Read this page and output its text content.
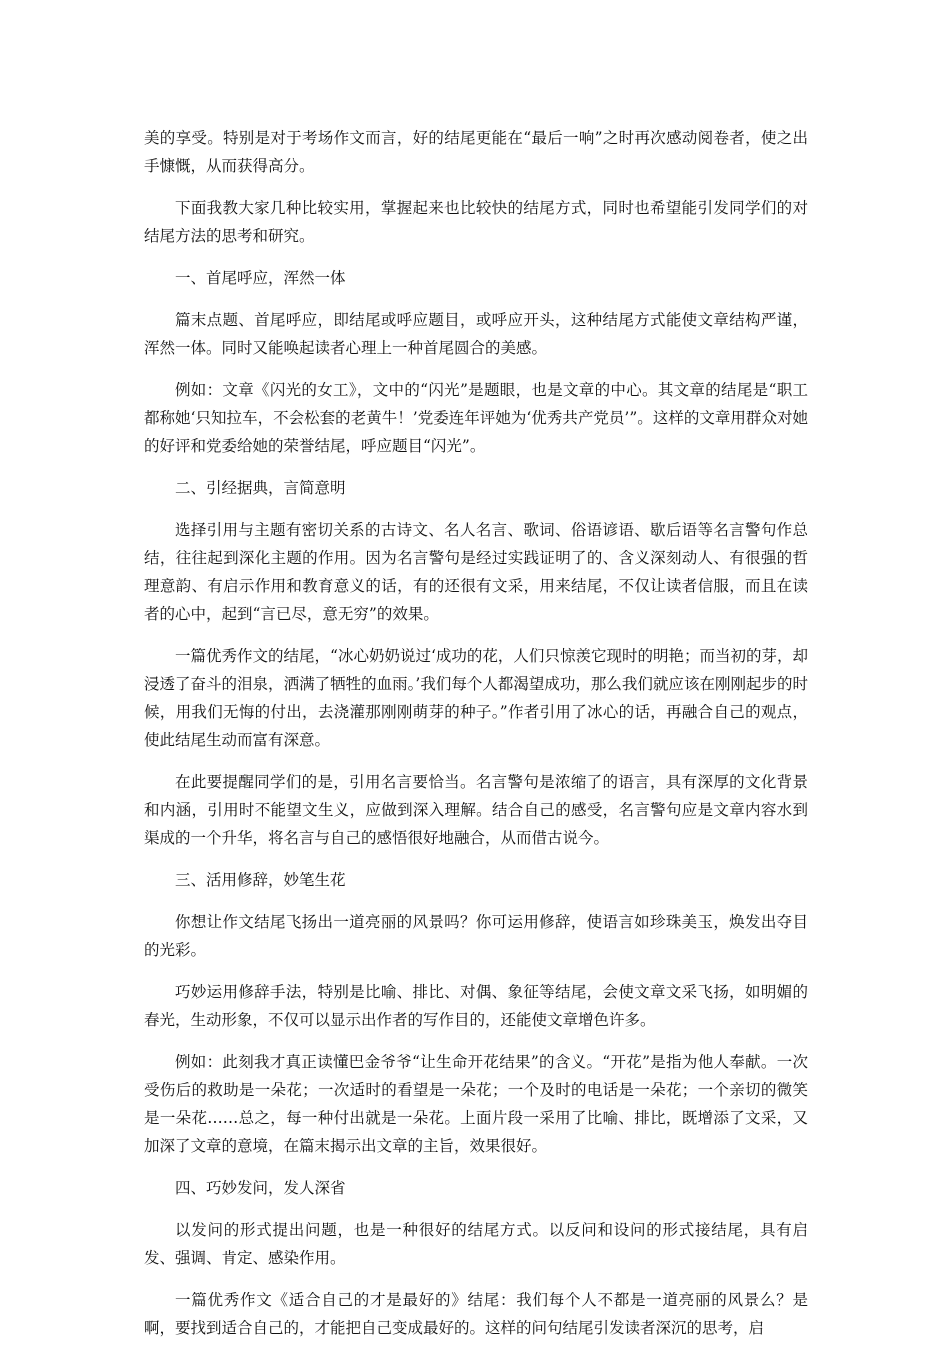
美的享受。特别是对于考场作文而言，好的结尾更能在“最后一响”之时再次感动阅卷者，使之出手慷慨，从而获得高分。

下面我教大家几种比较实用，掌握起来也比较快的结尾方式，同时也希望能引发同学们的对结尾方法的思考和研究。

一、首尾呼应，浑然一体

篇末点题、首尾呼应，即结尾或呼应题目，或呼应开头，这种结尾方式能使文章结构严谨，浑然一体。同时又能唤起读者心理上一种首尾圆合的美感。

例如：文章《闪光的女工》，文中的“闪光”是题眼，也是文章的中心。其文章的结尾是“职工都称她‘只知拉车，不会松套的老黄牛！’党委连年评她为‘优秀共产党员’”。这样的文章用群众对她的好评和党委给她的荣誉结尾，呼应题目“闪光”。

二、引经据典，言简意明

选择引用与主题有密切关系的古诗文、名人名言、歌词、俗语谚语、歇后语等名言警句作总结，往往起到深化主题的作用。因为名言警句是经过实践证明了的、含义深刻动人、有很强的哲理意韵、有启示作用和教育意义的话，有的还很有文采，用来结尾，不仅让读者信服，而且在读者的心中，起到“言已尽，意无穷”的效果。

一篇优秀作文的结尾，“冰心奶奶说过‘成功的花，人们只惊羡它现时的明艳；而当初的芽，却浸透了奋斗的泪泉，洒满了牺牲的血雨。’我们每个人都渴望成功，那么我们就应该在刚刚起步的时候，用我们无悔的付出，去浇灌那刚刚萌芽的种子。”作者引用了冰心的话，再融合自己的观点，使此结尾生动而富有深意。

在此要提醒同学们的是，引用名言要恰当。名言警句是浓缩了的语言，具有深厚的文化背景和内涵，引用时不能望文生义，应做到深入理解。结合自己的感受，名言警句应是文章内容水到渠成的一个升华，将名言与自己的感悟很好地融合，从而借古说今。

三、活用修辞，妙笔生花

你想让作文结尾飞扬出一道亮丽的风景吗？你可运用修辞，使语言如珍珠美玉，焕发出夺目的光彩。

巧妙运用修辞手法，特别是比喻、排比、对偶、象征等结尾，会使文章文采飞扬，如明媚的春光，生动形象，不仅可以显示出作者的写作目的，还能使文章增色许多。

例如：此刻我才真正读懂巴金爷爷“让生命开花结果”的含义。“开花”是指为他人奉献。一次受伤后的救助是一朵花；一次适时的看望是一朵花；一个及时的电话是一朵花；一个亲切的微笑是一朵花……总之，每一种付出就是一朵花。上面片段一采用了比喻、排比，既增添了文采，又加深了文章的意境，在篇末揭示出文章的主旨，效果很好。

四、巧妙发问，发人深省

以发问的形式提出问题，也是一种很好的结尾方式。以反问和设问的形式接结尾，具有启发、强调、肯定、感染作用。

一篇优秀作文《适合自己的才是最好的》结尾：我们每个人不都是一道亮丽的风景么？是啊，要找到适合自己的，才能把自己变成最好的。这样的问句结尾引发读者深沉的思考，启
